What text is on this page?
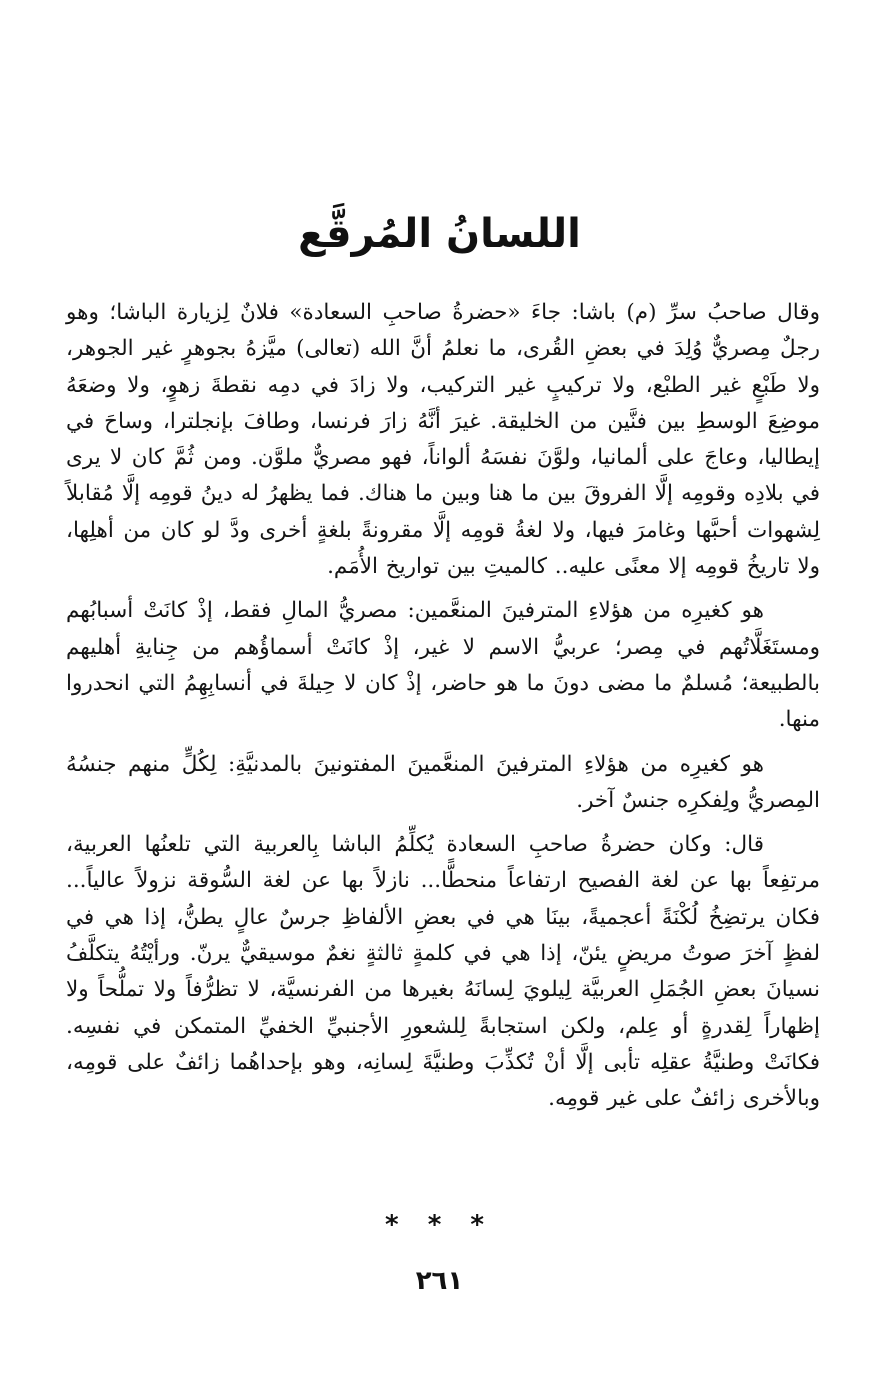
اللسانُ المُرقَّع

وقال صاحبُ سرِّ (م) باشا: جاءَ «حضرةُ صاحبِ السعادة» فلانٌ لِزيارة الباشا؛ وهو رجلٌ مِصريٌّ وُلِدَ في بعضِ القُرى، ما نعلمُ أنَّ الله (تعالى) ميَّزهُ بجوهرٍ غير الجوهر، ولا طَبْعٍ غير الطبْع، ولا تركيبٍ غير التركيب، ولا زادَ في دمِه نقطةَ زهوٍ، ولا وضعَهُ موضِعَ الوسطِ بين فنَّين من الخليقة. غيرَ أنَّهُ زارَ فرنسا، وطافَ بإنجلترا، وساحَ في إيطاليا، وعاجَ على ألمانيا، ولوَّنَ نفسَهُ ألواناً، فهو مصريٌّ ملوَّن. ومن ثُمَّ كان لا يرى في بلادِه وقومِه إلَّا الفروقَ بين ما هنا وبين ما هناك. فما يظهرُ له دينُ قومِه إلَّا مُقابلاً لِشهوات أحبَّها وغامرَ فيها، ولا لغةُ قومِه إلَّا مقرونةً بلغةٍ أخرى ودَّ لو كان من أهلِها، ولا تاريخُ قومِه إلا معنًى عليه.. كالميتِ بين تواريخ الأُمَم.

هو كغيرِه من هؤلاءِ المترفينَ المنعَّمين: مصريُّ المالِ فقط، إذْ كانَتْ أسبابُهم ومستَغَلَّاتُهم في مِصر؛ عربيُّ الاسم لا غير، إذْ كانَتْ أسماؤُهم من جِنايةِ أهليهم بالطبيعة؛ مُسلمٌ ما مضى دونَ ما هو حاضر، إذْ كان لا حِيلةَ في أنسابِهِمُ التي انحدروا منها.

هو كغيرِه من هؤلاءِ المترفينَ المنعَّمينَ المفتونينَ بالمدنيَّةِ: لِكُلٍّ منهم جنسُهُ المِصريُّ ولِفكرِه جنسٌ آخر.

قال: وكان حضرةُ صاحبِ السعادة يُكلِّمُ الباشا بِالعربية التي تلعنُها العربية، مرتفِعاً بها عن لغة الفصيح ارتفاعاً منحطًّا... نازلاً بها عن لغة السُّوقة نزولاً عالياً... فكان يرتضِخُ لُكْنَةً أعجميةً، بينَا هي في بعضِ الألفاظِ جرسٌ عالٍ يطنُّ، إذا هي في لفظٍ آخرَ صوتُ مريضٍ يئنّ، إذا هي في كلمةٍ ثالثةٍ نغمٌ موسيقيٌّ يرنّ. ورأيْتُهُ يتكلَّفُ نسيانَ بعضِ الجُمَلِ العربيَّة لِيلويَ لِسانَهُ بغيرها من الفرنسيَّة، لا تظرُّفاً ولا تملُّحاً ولا إظهاراً لِقدرةٍ أو عِلم، ولكن استجابةً لِلشعورِ الأجنبيِّ الخفيِّ المتمكن في نفسِه. فكانَتْ وطنيَّةُ عقلِه تأبى إلَّا أنْ تُكذِّبَ وطنيَّةَ لِسانِه، وهو بإحداهُما زائفٌ على قومِه، وبالأخرى زائفٌ على غير قومِه.

* * *
٢٦١
